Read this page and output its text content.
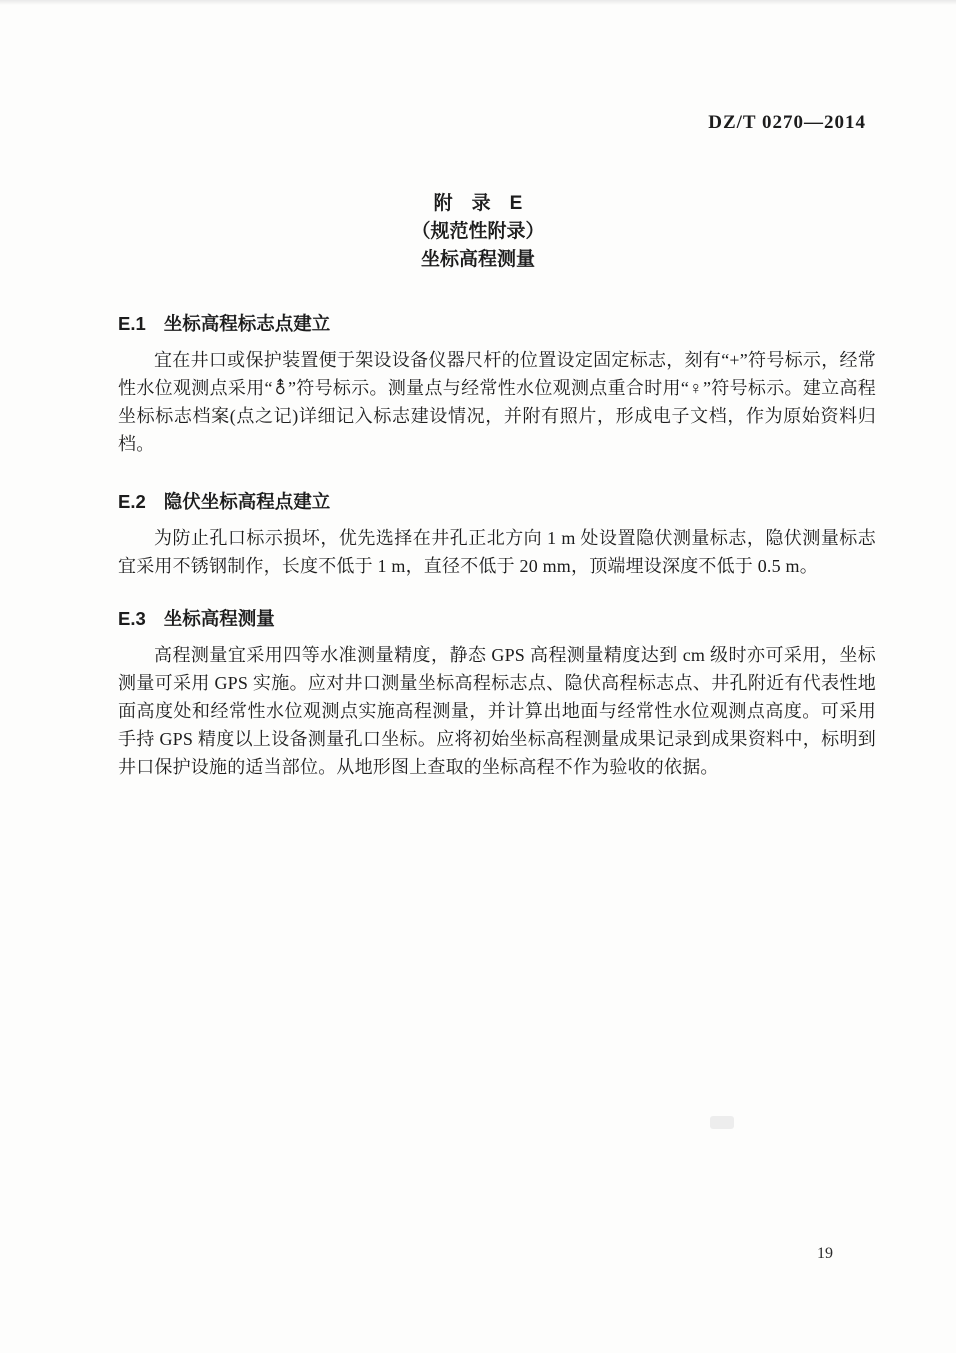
DZ/T 0270—2014
附　录　E
（规范性附录）
坐标高程测量
E.1 坐标高程标志点建立

宜在井口或保护装置便于架设设备仪器尺杆的位置设定固定标志，刻有“+”符号标示，经常性水位观测点采用“⚨”符号标示。测量点与经常性水位观测点重合时用“♀”符号标示。建立高程坐标标志档案(点之记)详细记入标志建设情况，并附有照片，形成电子文档，作为原始资料归档。

E.2 隐伏坐标高程点建立

为防止孔口标示损坏，优先选择在井孔正北方向 1 m 处设置隐伏测量标志，隐伏测量标志宜采用不锈钢制作，长度不低于 1 m，直径不低于 20 mm，顶端埋设深度不低于 0.5 m。

E.3 坐标高程测量

高程测量宜采用四等水准测量精度，静态 GPS 高程测量精度达到 cm 级时亦可采用，坐标测量可采用 GPS 实施。应对井口测量坐标高程标志点、隐伏高程标志点、井孔附近有代表性地面高度处和经常性水位观测点实施高程测量，并计算出地面与经常性水位观测点高度。可采用手持 GPS 精度以上设备测量孔口坐标。应将初始坐标高程测量成果记录到成果资料中，标明到井口保护设施的适当部位。从地形图上查取的坐标高程不作为验收的依据。

19
